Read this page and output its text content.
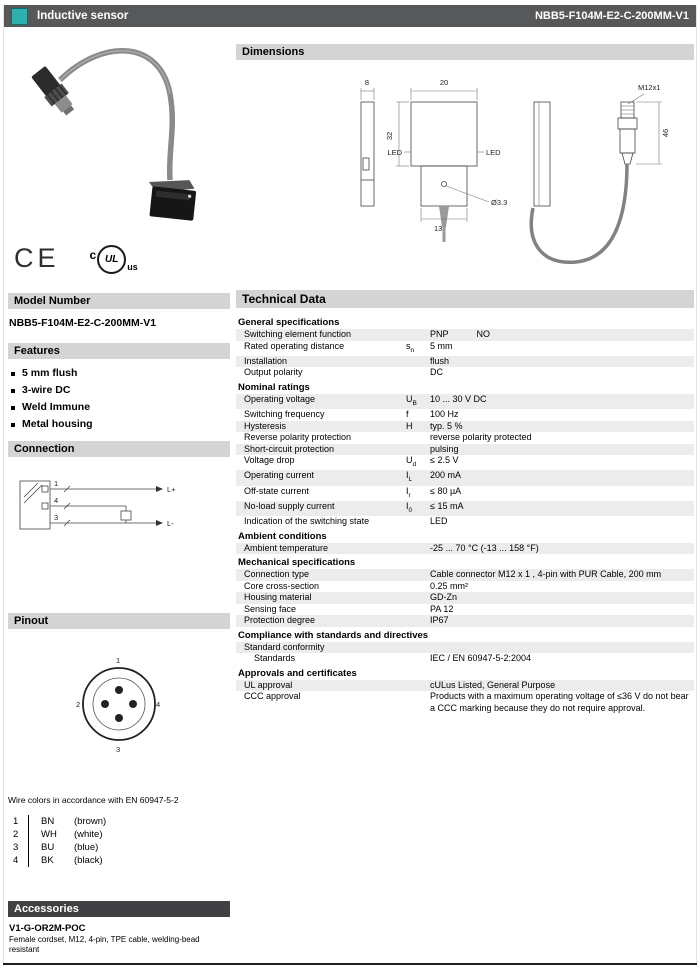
Inductive sensor	NBB5-F104M-E2-C-200MM-V1
CE	c UL
us
Model Number
NBB5-F104M-E2-C-200MM-V1
Features
5 mm flush
3-wire DC
Weld Immune
Metal housing
Connection
1
4
3
L+
L-
Pinout
1
2
3
4
Wire colors in accordance with EN 60947-5-2
1	BN	(brown)
2	WH	(white)
3	BU	(blue)
4	BK	(black)
Accessories
V1-G-OR2M-POC
Female cordset, M12, 4-pin, TPE cable, welding-bead resistant
Dimensions
8	20
32
LED	LED
Ø3.3
13
M12x1
46
Technical Data
General specifications
Switching element function	PNP	NO
Rated operating distance	$s_n$	5 mm
Installation	flush
Output polarity	DC
Nominal ratings
Operating voltage	$U_B$	10 ... 30 V DC
Switching frequency	f	100 Hz
Hysteresis	H	typ. 5 %
Reverse polarity protection	reverse polarity protected
Short-circuit protection	pulsing
Voltage drop	$U_d$	≤ 2.5 V
Operating current	$I_L$	200 mA
Off-state current	$I_r$	≤ 80 µA
No-load supply current	$I_0$	≤ 15 mA
Indication of the switching state	LED
Ambient conditions
Ambient temperature	-25 ... 70 °C (-13 ... 158 °F)
Mechanical specifications
Connection type	Cable connector M12 x 1 , 4-pin with PUR Cable, 200 mm
Core cross-section	0.25 mm²
Housing material	GD-Zn
Sensing face	PA 12
Protection degree	IP67
Compliance with standards and directives
Standard conformity
Standards	IEC / EN 60947-5-2:2004
Approvals and certificates
UL approval	cULus Listed, General Purpose
CCC approval	Products with a maximum operating voltage of ≤36 V do not bear a CCC marking because they do not require approval.
